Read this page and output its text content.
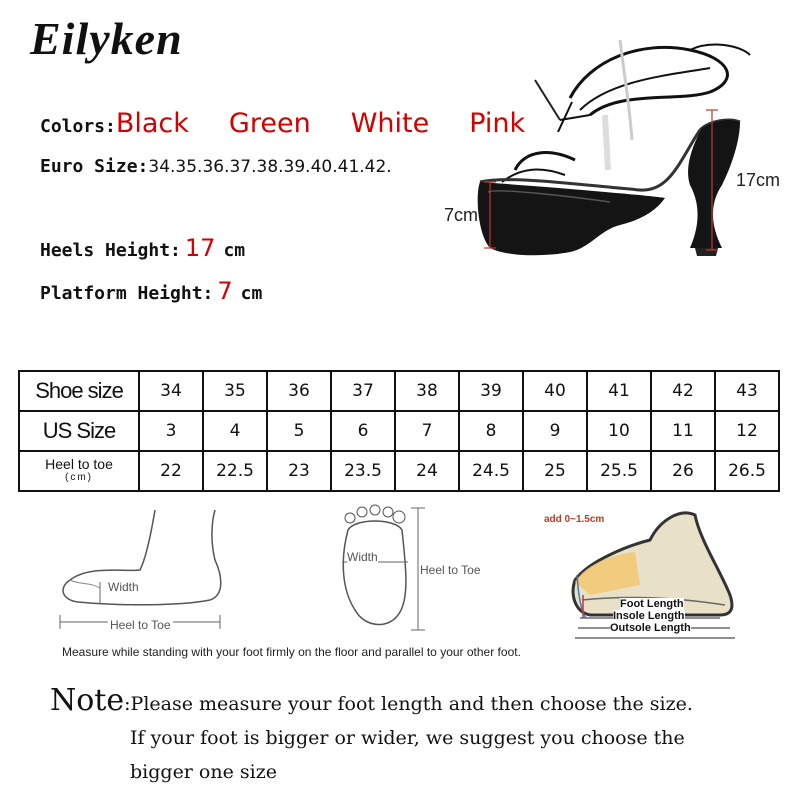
Eilyken
Colors:Black Green White Pink
Euro Size:34.35.36.37.38.39.40.41.42.
Heels Height: 17 cm
Platform Height: 7 cm
7cm
17cm
Shoe size	34	35	36	37	38	39	40	41	42	43
US Size	3	4	5	6	7	8	9	10	11	12
Heel to toe
(cm)	22	22.5	23	23.5	24	24.5	25	25.5	26	26.5
Width
Heel to Toe
Width
Heel to Toe
add 0~1.5cm
Foot Length
Insole Length
Outsole Length
Measure while standing with your foot firmly on the floor and parallel to your other foot.
Note:Please measure your foot length and then choose the size.
If your foot is bigger or wider, we suggest you choose the
bigger one size
